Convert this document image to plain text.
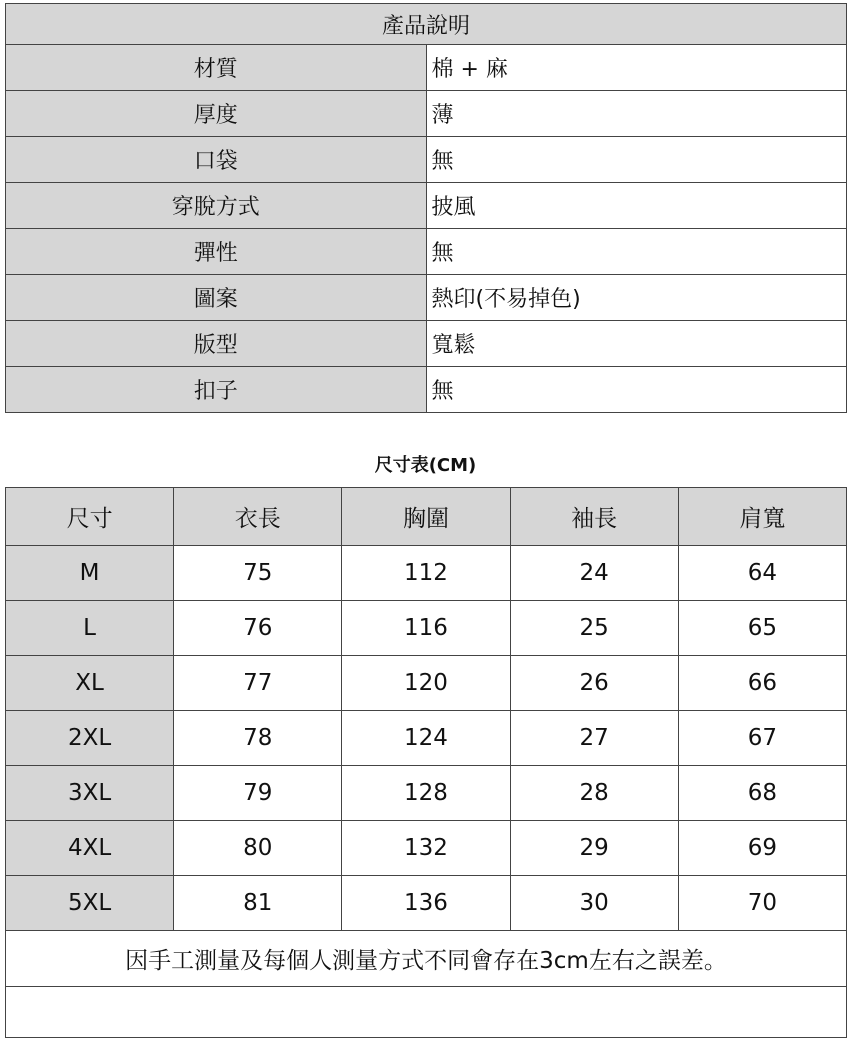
產品說明	
材質	棉 + 麻
厚度	薄
口袋	無
穿脫方式	披風
彈性	無
圖案	熱印(不易掉色)
版型	寬鬆
扣子	無
尺寸表(CM)
尺寸	衣長	胸圍	袖長	肩寬
M	75	112	24	64
L	76	116	25	65
XL	77	120	26	66
2XL	78	124	27	67
3XL	79	128	28	68
4XL	80	132	29	69
5XL	81	136	30	70
因手工測量及每個人測量方式不同會存在3cm左右之誤差。				
